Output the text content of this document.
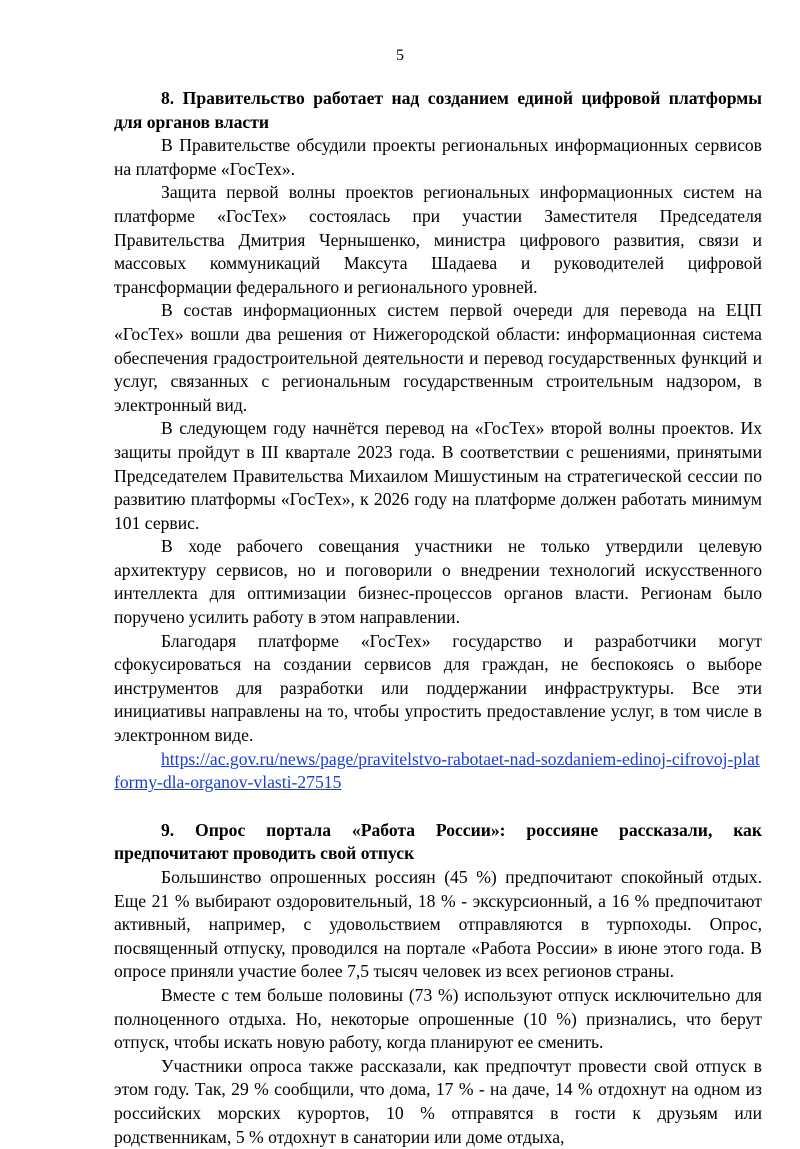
5

8. Правительство работает над созданием единой цифровой платформы для органов власти

В Правительстве обсудили проекты региональных информационных сервисов на платформе «ГосТех».

Защита первой волны проектов региональных информационных систем на платформе «ГосТех» состоялась при участии Заместителя Председателя Правительства Дмитрия Чернышенко, министра цифрового развития, связи и массовых коммуникаций Максута Шадаева и руководителей цифровой трансформации федерального и регионального уровней.

В состав информационных систем первой очереди для перевода на ЕЦП «ГосТех» вошли два решения от Нижегородской области: информационная система обеспечения градостроительной деятельности и перевод государственных функций и услуг, связанных с региональным государственным строительным надзором, в электронный вид.

В следующем году начнётся перевод на «ГосТех» второй волны проектов. Их защиты пройдут в III квартале 2023 года. В соответствии с решениями, принятыми Председателем Правительства Михаилом Мишустиным на стратегической сессии по развитию платформы «ГосТех», к 2026 году на платформе должен работать минимум 101 сервис.

В ходе рабочего совещания участники не только утвердили целевую архитектуру сервисов, но и поговорили о внедрении технологий искусственного интеллекта для оптимизации бизнес-процессов органов власти. Регионам было поручено усилить работу в этом направлении.

Благодаря платформе «ГосТех» государство и разработчики могут сфокусироваться на создании сервисов для граждан, не беспокоясь о выборе инструментов для разработки или поддержании инфраструктуры. Все эти инициативы направлены на то, чтобы упростить предоставление услуг, в том числе в электронном виде.

https://ac.gov.ru/news/page/pravitelstvo-rabotaet-nad-sozdaniem-edinoj-cifrovoj-platformy-dla-organov-vlasti-27515

9. Опрос портала «Работа России»: россияне рассказали, как предпочитают проводить свой отпуск

Большинство опрошенных россиян (45 %) предпочитают спокойный отдых. Еще 21 % выбирают оздоровительный, 18 % - экскурсионный, а 16 % предпочитают активный, например, с удовольствием отправляются в турпоходы. Опрос, посвященный отпуску, проводился на портале «Работа России» в июне этого года. В опросе приняли участие более 7,5 тысяч человек из всех регионов страны.

Вместе с тем больше половины (73 %) используют отпуск исключительно для полноценного отдыха. Но, некоторые опрошенные (10 %) признались, что берут отпуск, чтобы искать новую работу, когда планируют ее сменить.

Участники опроса также рассказали, как предпочтут провести свой отпуск в этом году. Так, 29 % сообщили, что дома, 17 % - на даче, 14 % отдохнут на одном из российских морских курортов, 10 % отправятся в гости к друзьям или родственникам, 5 % отдохнут в санатории или доме отдыха,
